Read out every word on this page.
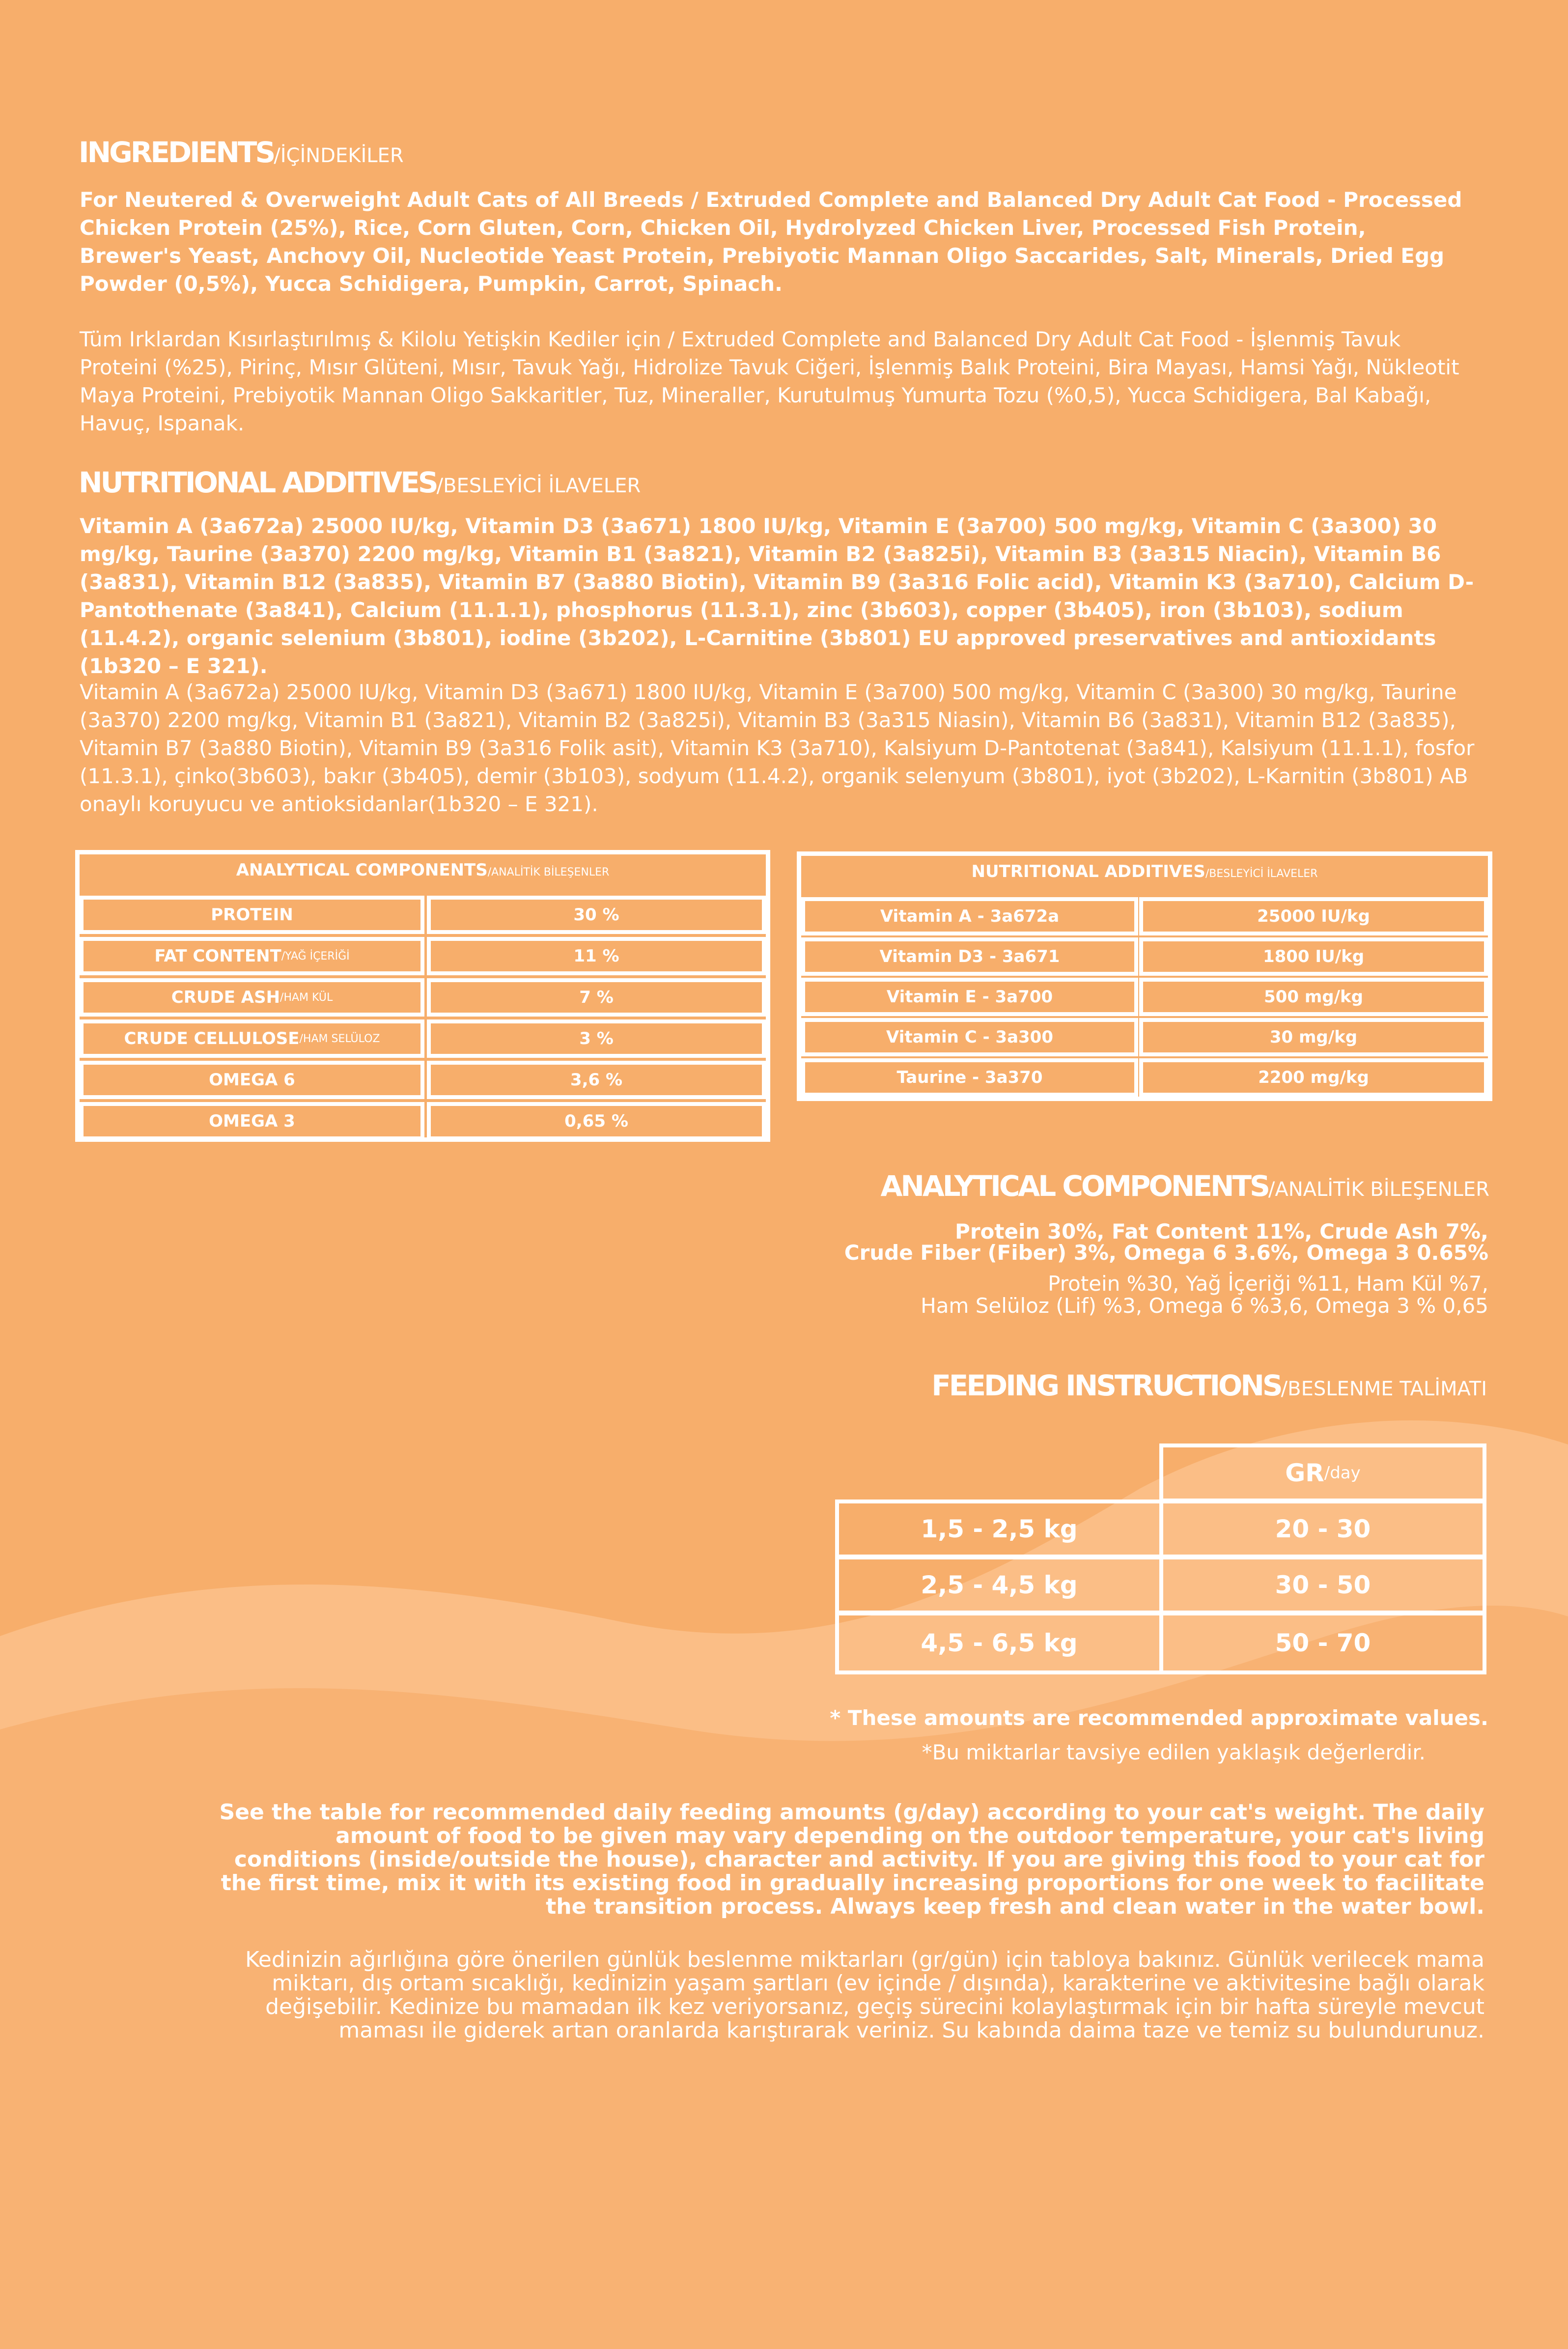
INGREDIENTS/İÇİNDEKİLER
For Neutered & Overweight Adult Cats of All Breeds / Extruded Complete and Balanced Dry Adult Cat Food - Processed Chicken Protein (25%), Rice, Corn Gluten, Corn, Chicken Oil, Hydrolyzed Chicken Liver, Processed Fish Protein, Brewer's Yeast, Anchovy Oil, Nucleotide Yeast Protein, Prebiyotic Mannan Oligo Saccarides, Salt, Minerals, Dried Egg Powder (0,5%), Yucca Schidigera, Pumpkin, Carrot, Spinach.
Tüm Irklardan Kısırlaştırılmış & Kilolu Yetişkin Kediler için / Extruded Complete and Balanced Dry Adult Cat Food - İşlenmiş Tavuk Proteini (%25), Pirinç, Mısır Glüteni, Mısır, Tavuk Yağı, Hidrolize Tavuk Ciğeri, İşlenmiş Balık Proteini, Bira Mayası, Hamsi Yağı, Nükleotit Maya Proteini, Prebiyotik Mannan Oligo Sakkaritler, Tuz, Mineraller, Kurutulmuş Yumurta Tozu (%0,5), Yucca Schidigera, Bal Kabağı, Havuç, Ispanak.
NUTRITIONAL ADDITIVES/BESLEYİCİ İLAVELER
Vitamin A (3a672a) 25000 IU/kg, Vitamin D3 (3a671) 1800 IU/kg, Vitamin E (3a700) 500 mg/kg, Vitamin C (3a300) 30 mg/kg, Taurine (3a370) 2200 mg/kg, Vitamin B1 (3a821), Vitamin B2 (3a825i), Vitamin B3 (3a315 Niacin), Vitamin B6 (3a831), Vitamin B12 (3a835), Vitamin B7 (3a880 Biotin), Vitamin B9 (3a316 Folic acid), Vitamin K3 (3a710), Calcium D-Pantothenate (3a841), Calcium (11.1.1), phosphorus (11.3.1), zinc (3b603), copper (3b405), iron (3b103), sodium (11.4.2), organic selenium (3b801), iodine (3b202), L-Carnitine (3b801) EU approved preservatives and antioxidants (1b320 – E 321).
Vitamin A (3a672a) 25000 IU/kg, Vitamin D3 (3a671) 1800 IU/kg, Vitamin E (3a700) 500 mg/kg, Vitamin C (3a300) 30 mg/kg, Taurine (3a370) 2200 mg/kg, Vitamin B1 (3a821), Vitamin B2 (3a825i), Vitamin B3 (3a315 Niasin), Vitamin B6 (3a831), Vitamin B12 (3a835), Vitamin B7 (3a880 Biotin), Vitamin B9 (3a316 Folik asit), Vitamin K3 (3a710), Kalsiyum D-Pantotenat (3a841), Kalsiyum (11.1.1), fosfor (11.3.1), çinko(3b603), bakır (3b405), demir (3b103), sodyum (11.4.2), organik selenyum (3b801), iyot (3b202), L-Karnitin (3b801) AB onaylı koruyucu ve antioksidanlar(1b320 – E 321).
ANALYTICAL COMPONENTS/ANALİTİK BİLEŞENLER
PROTEIN	30 %
FAT CONTENT /YAĞ İÇERİĞİ	11 %
CRUDE ASH /HAM KÜL	7 %
CRUDE CELLULOSE /HAM SELÜLOZ	3 %
OMEGA 6	3,6 %
OMEGA 3	0,65 %
NUTRITIONAL ADDITIVES/BESLEYİCİ İLAVELER
Vitamin A - 3a672a	25000 IU/kg
Vitamin D3 - 3a671	1800 IU/kg
Vitamin E - 3a700	500 mg/kg
Vitamin C - 3a300	30 mg/kg
Taurine - 3a370	2200 mg/kg
ANALYTICAL COMPONENTS/ANALİTİK BİLEŞENLER
Protein 30%, Fat Content 11%, Crude Ash 7%,
Crude Fiber (Fiber) 3%, Omega 6 3.6%, Omega 3 0.65%
Protein %30, Yağ İçeriği %11, Ham Kül %7,
Ham Selüloz (Lif) %3, Omega 6 %3,6, Omega 3 % 0,65
FEEDING INSTRUCTIONS/BESLENME TALİMATI
GR /day
1,5 - 2,5 kg	20 - 30
2,5 - 4,5 kg	30 - 50
4,5 - 6,5 kg	50 - 70
* These amounts are recommended approximate values.
*Bu miktarlar tavsiye edilen yaklaşık değerlerdir.
See the table for recommended daily feeding amounts (g/day) according to your cat's weight. The daily amount of food to be given may vary depending on the outdoor temperature, your cat's living conditions (inside/outside the house), character and activity. If you are giving this food to your cat for the first time, mix it with its existing food in gradually increasing proportions for one week to facilitate the transition process. Always keep fresh and clean water in the water bowl.
Kedinizin ağırlığına göre önerilen günlük beslenme miktarları (gr/gün) için tabloya bakınız. Günlük verilecek mama miktarı, dış ortam sıcaklığı, kedinizin yaşam şartları (ev içinde / dışında), karakterine ve aktivitesine bağlı olarak değişebilir. Kedinize bu mamadan ilk kez veriyorsanız, geçiş sürecini kolaylaştırmak için bir hafta süreyle mevcut maması ile giderek artan oranlarda karıştırarak veriniz. Su kabında daima taze ve temiz su bulundurunuz.
